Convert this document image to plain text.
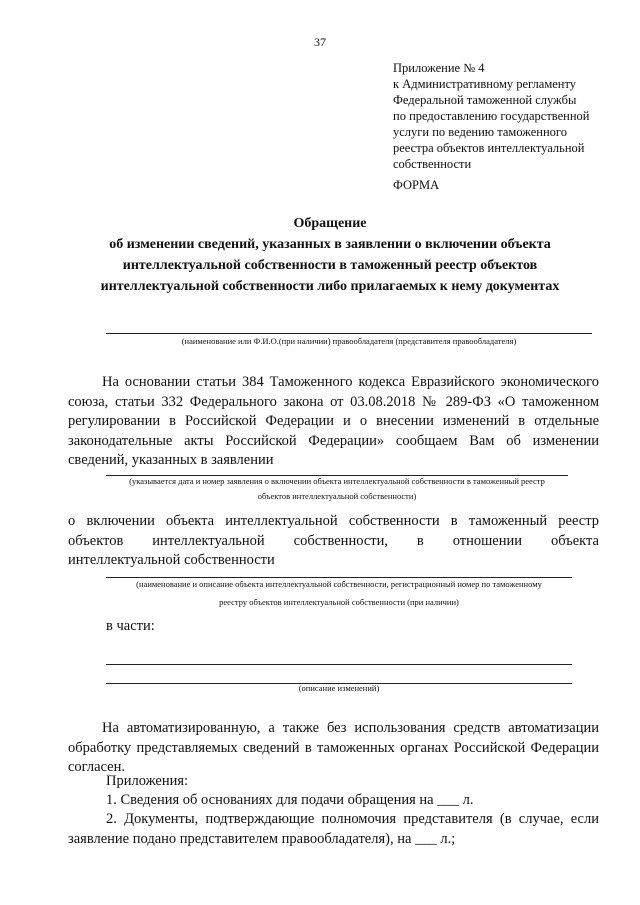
37
Приложение № 4
к Административному регламенту
Федеральной таможенной службы
по предоставлению государственной
услуги по ведению таможенного
реестра объектов интеллектуальной
собственности
ФОРМА
Обращение
об изменении сведений, указанных в заявлении о включении объекта
интеллектуальной собственности в таможенный реестр объектов
интеллектуальной собственности либо прилагаемых к нему документах
(наименование или Ф.И.О.(при наличии) правообладателя (представителя правообладателя)
На основании статьи 384 Таможенного кодекса Евразийского экономического союза, статьи 332 Федерального закона от 03.08.2018 № 289-ФЗ «О таможенном регулировании в Российской Федерации и о внесении изменений в отдельные законодательные акты Российской Федерации» сообщаем Вам об изменении сведений, указанных в заявлении
(указывается дата и номер заявления о включении объекта интеллектуальной собственности в таможенный реестр
объектов интеллектуальной собственности)
о включении объекта интеллектуальной собственности в таможенный реестр объектов интеллектуальной собственности, в отношении объекта
интеллектуальной собственности
(наименование и описание объекта интеллектуальной собственности, регистрационный номер по таможенному
реестру объектов интеллектуальной собственности (при наличии)
в части:
(описание изменений)
На автоматизированную, а также без использования средств автоматизации обработку представляемых сведений в таможенных органах Российской Федерации согласен.
Приложения:
1. Сведения об основаниях для подачи обращения на ___ л.
2. Документы, подтверждающие полномочия представителя (в случае, если заявление подано представителем правообладателя), на ___ л.;
